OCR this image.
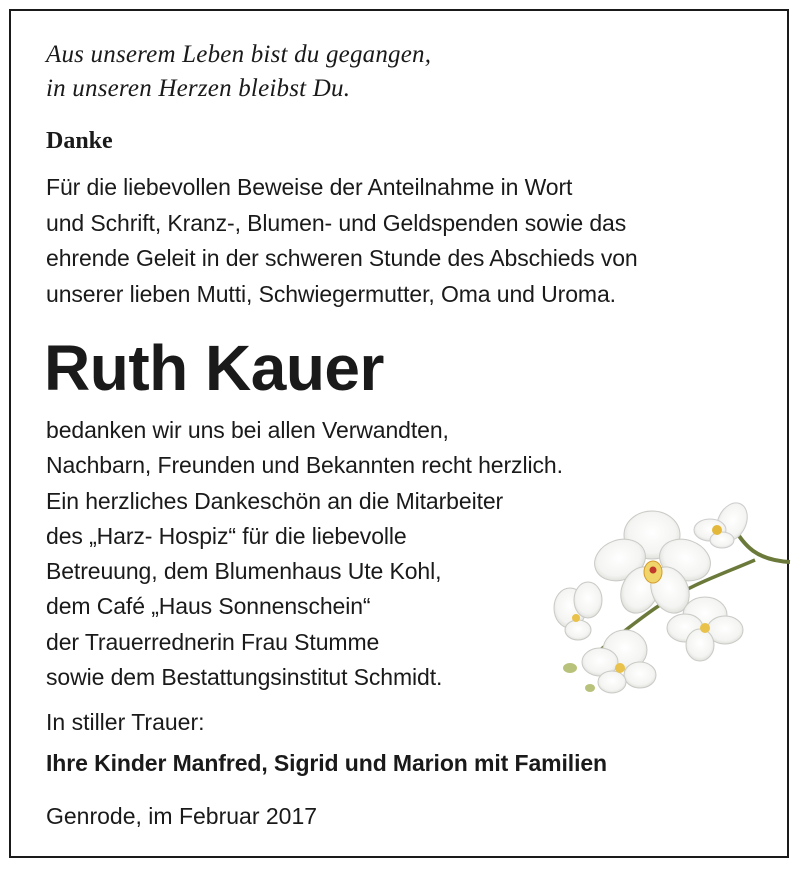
Aus unserem Leben bist du gegangen,
in unseren Herzen bleibst Du.

Danke

Für die liebevollen Beweise der Anteilnahme in Wort
und Schrift, Kranz-, Blumen- und Geldspenden sowie das
ehrende Geleit in der schweren Stunde des Abschieds von
unserer lieben Mutti, Schwiegermutter, Oma und Uroma.

Ruth Kauer

bedanken wir uns bei allen Verwandten,
Nachbarn, Freunden und Bekannten recht herzlich.
Ein herzliches Dankeschön an die Mitarbeiter
des „Harz- Hospiz“ für die liebevolle
Betreuung, dem Blumenhaus Ute Kohl,
dem Café „Haus Sonnenschein“
der Trauerrednerin Frau Stumme
sowie dem Bestattungsinstitut Schmidt.

In stiller Trauer:

Ihre Kinder Manfred, Sigrid und Marion mit Familien

Genrode, im Februar 2017
